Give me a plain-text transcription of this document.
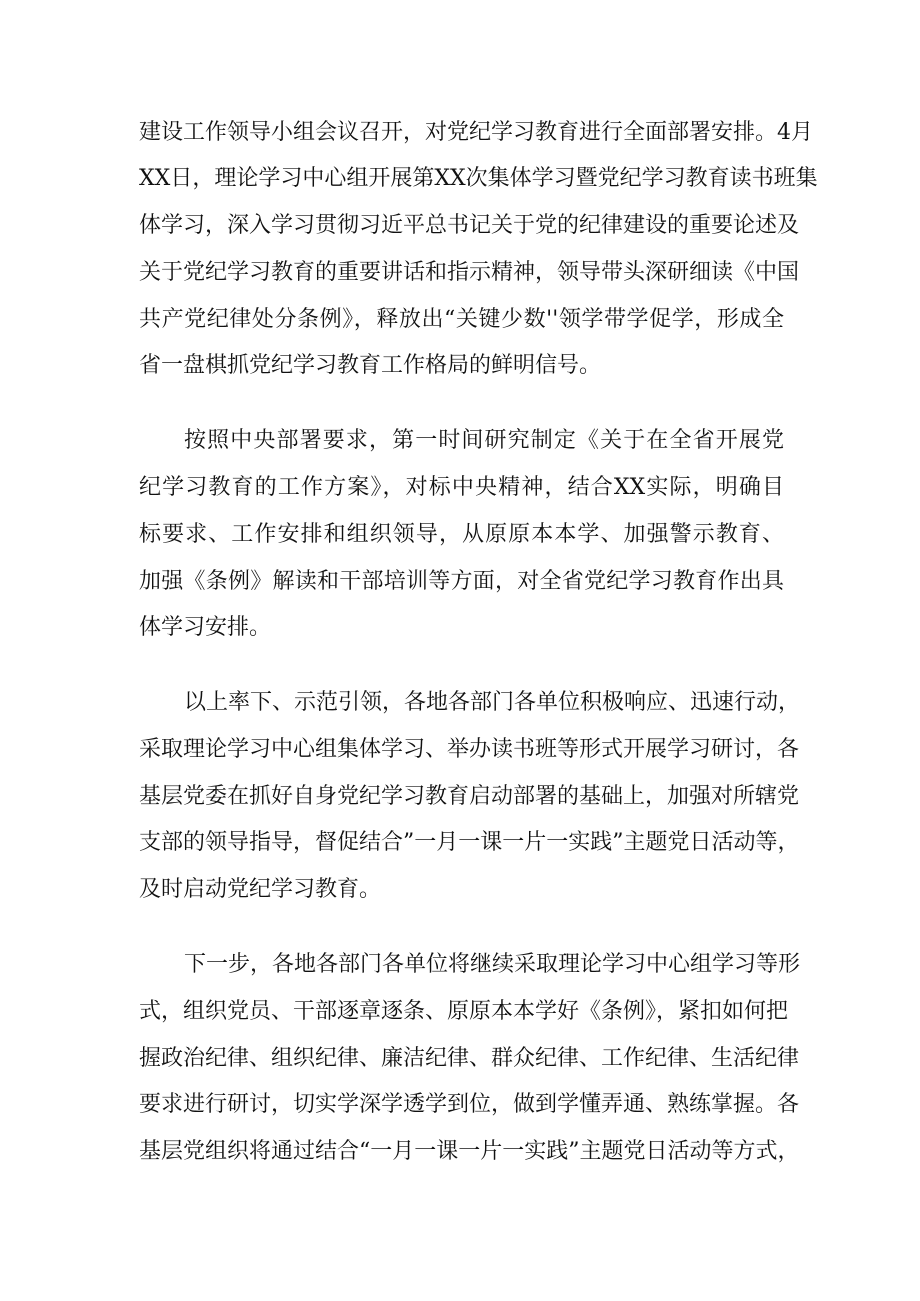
建设工作领导小组会议召开，对党纪学习教育进行全面部署安排。4月
XX日，理论学习中心组开展第XX次集体学习暨党纪学习教育读书班集
体学习，深入学习贯彻习近平总书记关于党的纪律建设的重要论述及
关于党纪学习教育的重要讲话和指示精神，领导带头深研细读《中国
共产党纪律处分条例》，释放出“关键少数''领学带学促学，形成全
省一盘棋抓党纪学习教育工作格局的鲜明信号。
按照中央部署要求，第一时间研究制定《关于在全省开展党
纪学习教育的工作方案》，对标中央精神，结合XX实际，明确目
标要求、工作安排和组织领导，从原原本本学、加强警示教育、
加强《条例》解读和干部培训等方面，对全省党纪学习教育作出具
体学习安排。
以上率下、示范引领，各地各部门各单位积极响应、迅速行动，
采取理论学习中心组集体学习、举办读书班等形式开展学习研讨，各
基层党委在抓好自身党纪学习教育启动部署的基础上，加强对所辖党
支部的领导指导，督促结合”一月一课一片一实践”主题党日活动等，
及时启动党纪学习教育。
下一步，各地各部门各单位将继续采取理论学习中心组学习等形
式，组织党员、干部逐章逐条、原原本本学好《条例》，紧扣如何把
握政治纪律、组织纪律、廉洁纪律、群众纪律、工作纪律、生活纪律
要求进行研讨，切实学深学透学到位，做到学懂弄通、熟练掌握。各
基层党组织将通过结合“一月一课一片一实践”主题党日活动等方式，
